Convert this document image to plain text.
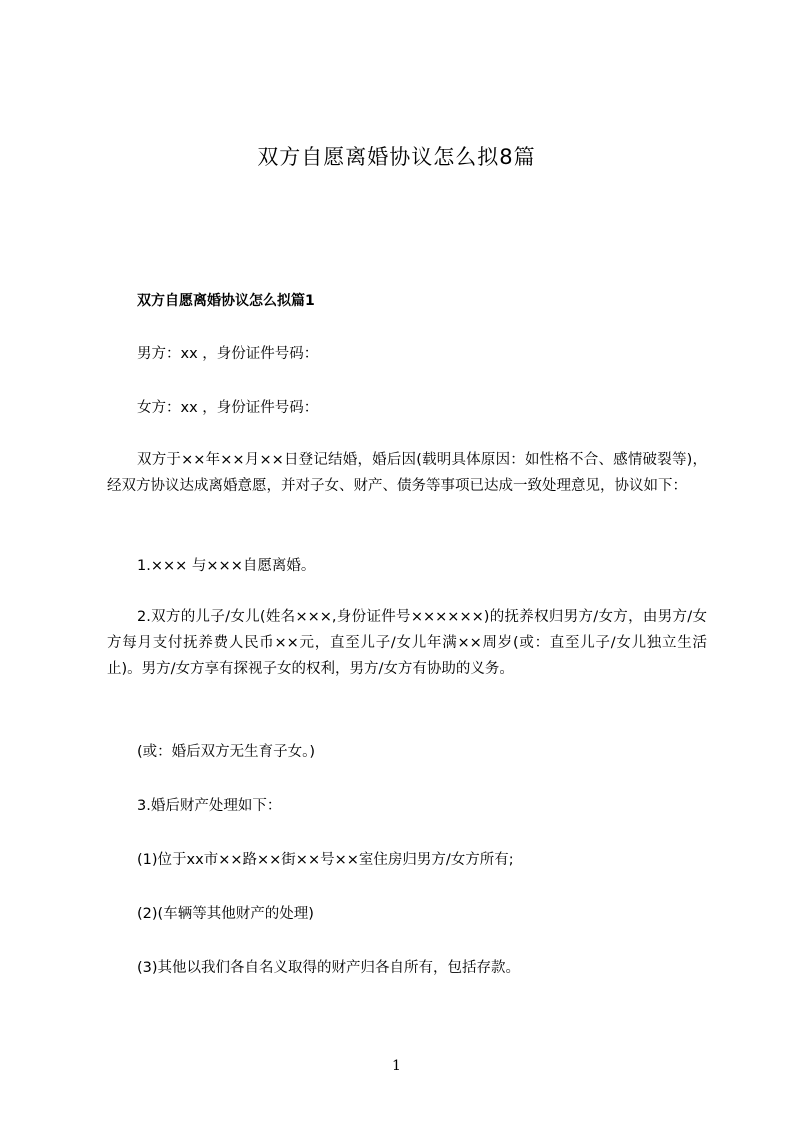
双方自愿离婚协议怎么拟8篇
双方自愿离婚协议怎么拟篇1

男方：xx ，身份证件号码：

女方：xx ，身份证件号码：

双方于××年××月××日登记结婚，婚后因(载明具体原因：如性格不合、感情破裂等)，经双方协议达成离婚意愿，并对子女、财产、债务等事项已达成一致处理意见，协议如下：

1.××× 与×××自愿离婚。

2.双方的儿子/女儿(姓名×××,身份证件号××××××)的抚养权归男方/女方，由男方/女方每月支付抚养费人民币××元，直至儿子/女儿年满××周岁(或：直至儿子/女儿独立生活止)。男方/女方享有探视子女的权利，男方/女方有协助的义务。

(或：婚后双方无生育子女。)

3.婚后财产处理如下：

(1)位于xx市××路××街××号××室住房归男方/女方所有;

(2)(车辆等其他财产的处理)

(3)其他以我们各自名义取得的财产归各自所有，包括存款。

1
